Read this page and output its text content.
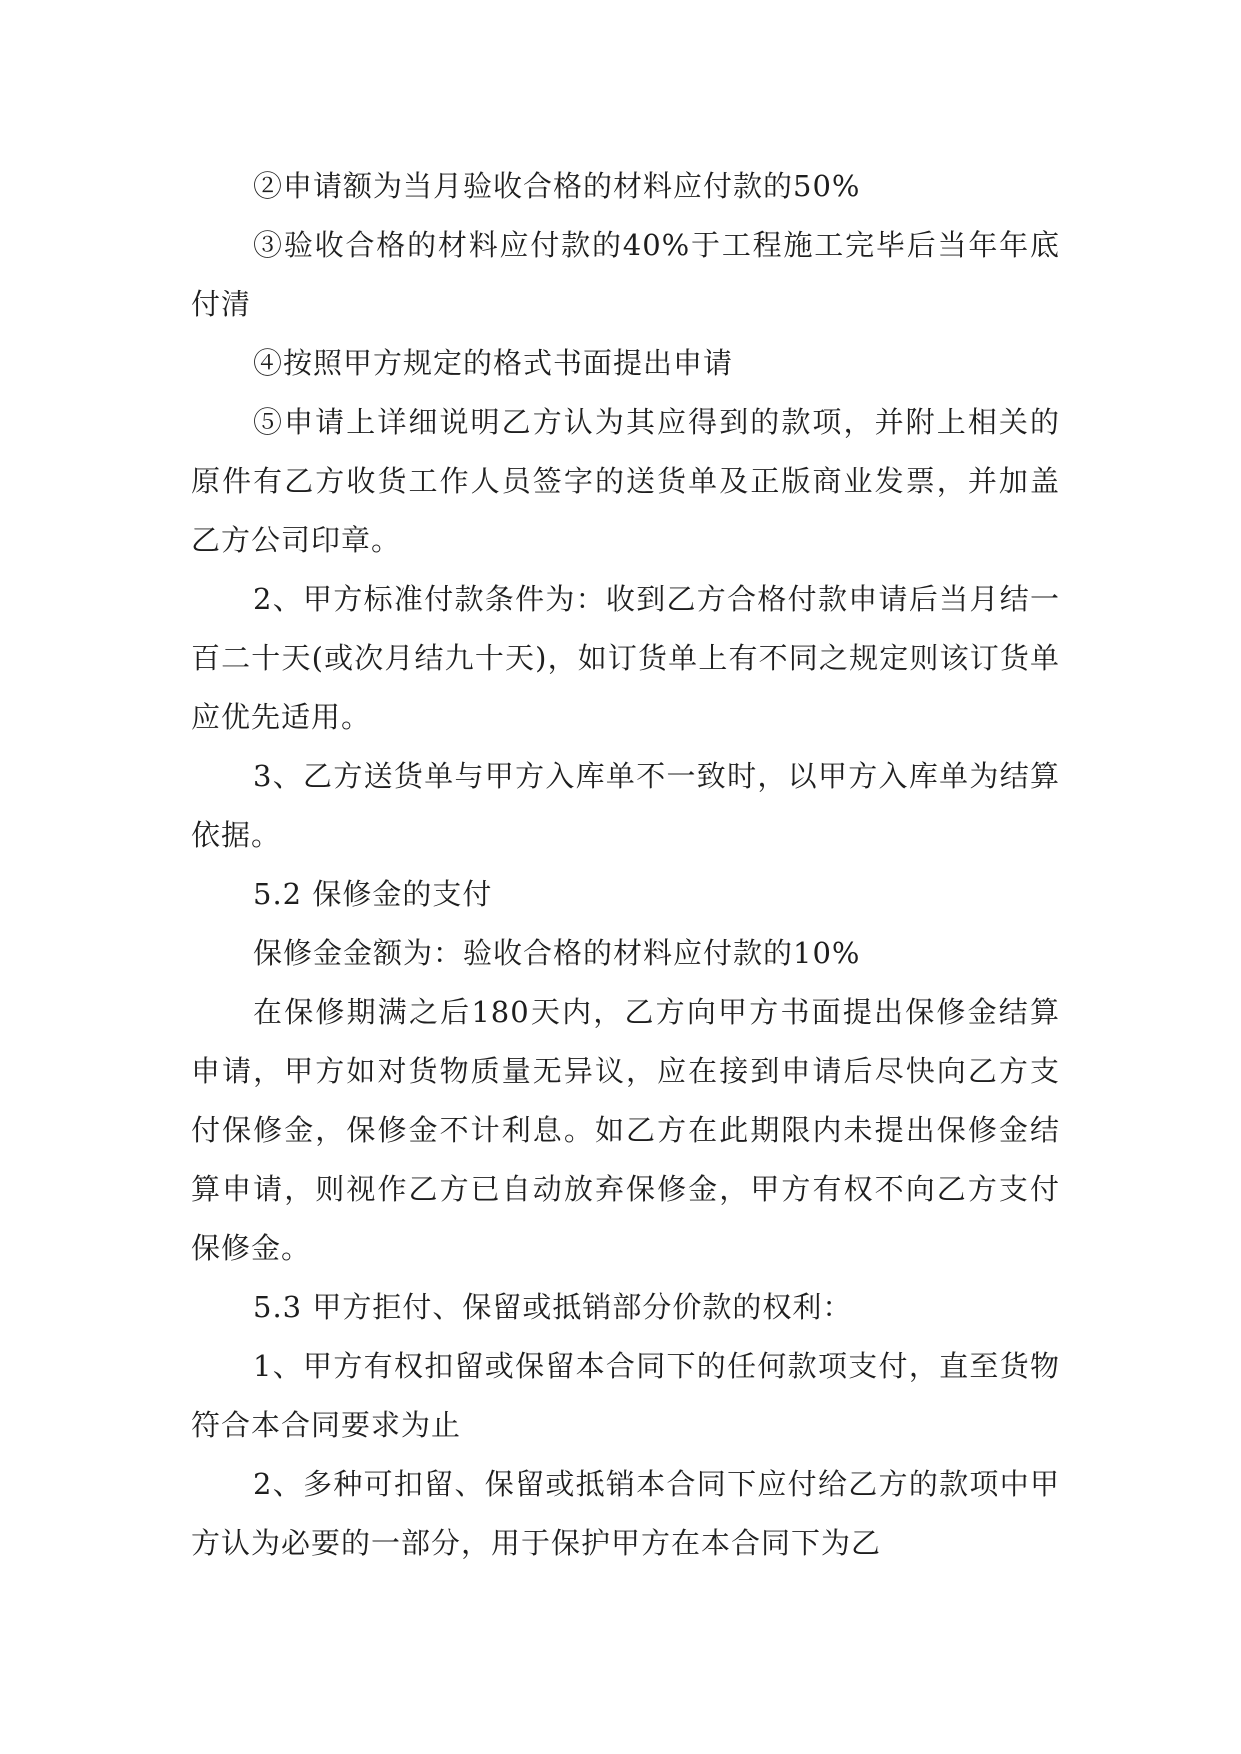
②申请额为当月验收合格的材料应付款的50%

③验收合格的材料应付款的40%于工程施工完毕后当年年底付清

④按照甲方规定的格式书面提出申请

⑤申请上详细说明乙方认为其应得到的款项，并附上相关的原件有乙方收货工作人员签字的送货单及正版商业发票，并加盖乙方公司印章。

2、甲方标准付款条件为：收到乙方合格付款申请后当月结一百二十天(或次月结九十天)，如订货单上有不同之规定则该订货单应优先适用。

3、乙方送货单与甲方入库单不一致时，以甲方入库单为结算依据。

5.2 保修金的支付

保修金金额为：验收合格的材料应付款的10%

在保修期满之后180天内，乙方向甲方书面提出保修金结算申请，甲方如对货物质量无异议，应在接到申请后尽快向乙方支付保修金，保修金不计利息。如乙方在此期限内未提出保修金结算申请，则视作乙方已自动放弃保修金，甲方有权不向乙方支付保修金。

5.3 甲方拒付、保留或抵销部分价款的权利：

1、甲方有权扣留或保留本合同下的任何款项支付，直至货物符合本合同要求为止

2、多种可扣留、保留或抵销本合同下应付给乙方的款项中甲方认为必要的一部分，用于保护甲方在本合同下为乙
